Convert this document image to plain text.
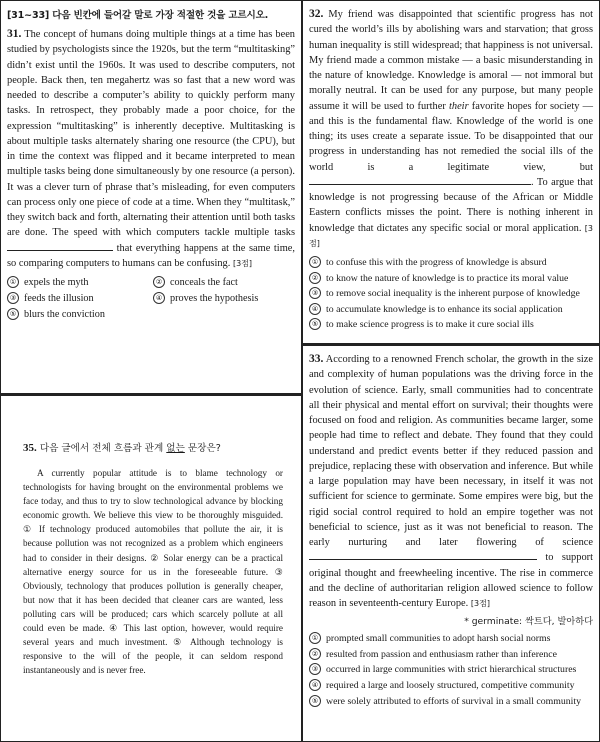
[31~33] 다음 빈칸에 들어갈 말로 가장 적절한 것을 고르시오.

31. The concept of humans doing multiple things at a time has been studied by psychologists since the 1920s, but the term “multitasking” didn’t exist until the 1960s. It was used to describe computers, not people. Back then, ten megahertz was so fast that a new word was needed to describe a computer’s ability to quickly perform many tasks. In retrospect, they probably made a poor choice, for the expression “multitasking” is inherently deceptive. Multitasking is about multiple tasks alternately sharing one resource (the CPU), but in time the context was flipped and it became interpreted to mean multiple tasks being done simultaneously by one resource (a person). It was a clever turn of phrase that’s misleading, for even computers can process only one piece of code at a time. When they “multitask,” they switch back and forth, alternating their attention until both tasks are done. The speed with which computers tackle multiple tasks  that everything happens at the same time, so comparing computers to humans can be confusing. [3점]

① expels the myth	② conceals the fact
③ feeds the illusion	④ proves the hypothesis
⑤ blurs the conviction

32. My friend was disappointed that scientific progress has not cured the world’s ills by abolishing wars and starvation; that gross human inequality is still widespread; that happiness is not universal. My friend made a common mistake — a basic misunderstanding in the nature of knowledge. Knowledge is amoral — not immoral but morally neutral. It can be used for any purpose, but many people assume it will be used to further their favorite hopes for society — and this is the fundamental flaw. Knowledge of the world is one thing; its uses create a separate issue. To be disappointed that our progress in understanding has not remedied the social ills of the world is a legitimate view, but . To argue that knowledge is not progressing because of the African or Middle Eastern conflicts misses the point. There is nothing inherent in knowledge that dictates any specific social or moral application. [3점]

① to confuse this with the progress of knowledge is absurd
② to know the nature of knowledge is to practice its moral value
③ to remove social inequality is the inherent purpose of knowledge
④ to accumulate knowledge is to enhance its social application
⑤ to make science progress is to make it cure social ills

33. According to a renowned French scholar, the growth in the size and complexity of human populations was the driving force in the evolution of science. Early, small communities had to concentrate all their physical and mental effort on survival; their thoughts were focused on food and religion. As communities became larger, some people had time to reflect and debate. They found that they could understand and predict events better if they reduced passion and prejudice, replacing these with observation and inference. But while a large population may have been necessary, in itself it was not sufficient for science to germinate. Some empires were big, but the rigid social control required to hold an empire together was not beneficial to science, just as it was not beneficial to reason. The early nurturing and later flowering of science  to support original thought and freewheeling incentive. The rise in commerce and the decline of authoritarian religion allowed science to follow reason in seventeenth-century Europe. [3점]

* germinate: 싹트다, 발아하다
① prompted small communities to adopt harsh social norms
② resulted from passion and enthusiasm rather than inference
③ occurred in large communities with strict hierarchical structures
④ required a large and loosely structured, competitive community
⑤ were solely attributed to efforts of survival in a small community
35. 다음 글에서 전체 흐름과 관계 없는 문장은?

A currently popular attitude is to blame technology or technologists for having brought on the environmental problems we face today, and thus to try to slow technological advance by blocking economic growth. We believe this view to be thoroughly misguided. ① If technology produced automobiles that pollute the air, it is because pollution was not recognized as a problem which engineers had to consider in their designs. ② Solar energy can be a practical alternative energy source for us in the foreseeable future. ③ Obviously, technology that produces pollution is generally cheaper, but now that it has been decided that cleaner cars are wanted, less polluting cars will be produced; cars which scarcely pollute at all could even be made. ④ This last option, however, would require several years and much investment. ⑤ Although technology is responsive to the will of the people, it can seldom respond instantaneously and is never free.
